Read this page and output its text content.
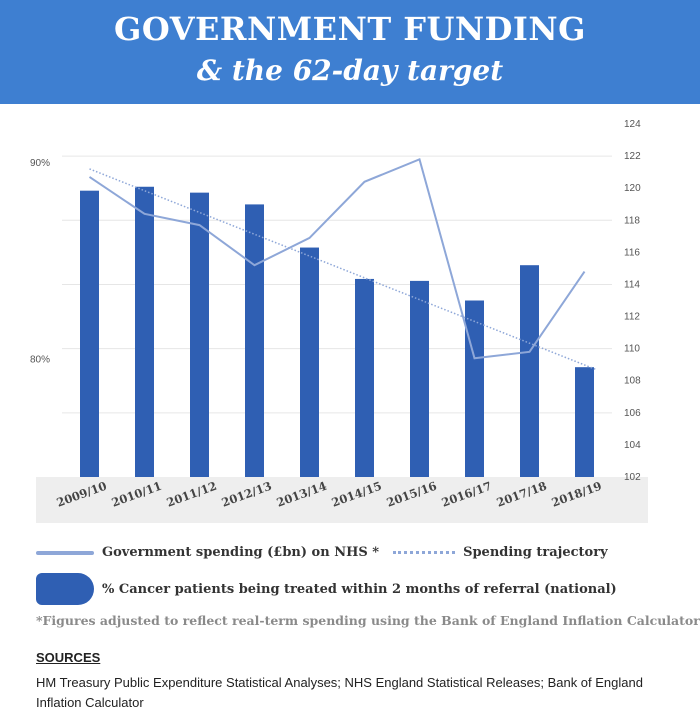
GOVERNMENT FUNDING
& the 62-day target
80%
90%
102
104
106
108
110
112
114
116
118
120
122
124
2009/10 2010/11 2011/12 2012/13 2013/14 2014/15 2015/16 2016/17 2017/18 2018/19
Government spending (£bn) on NHS *	Spending trajectory
% Cancer patients being treated within 2 months of referral (national)
*Figures adjusted to reflect real-term spending using the Bank of England Inflation Calculator
SOURCES
HM Treasury Public Expenditure Statistical Analyses; NHS England Statistical Releases; Bank of England Inflation Calculator
